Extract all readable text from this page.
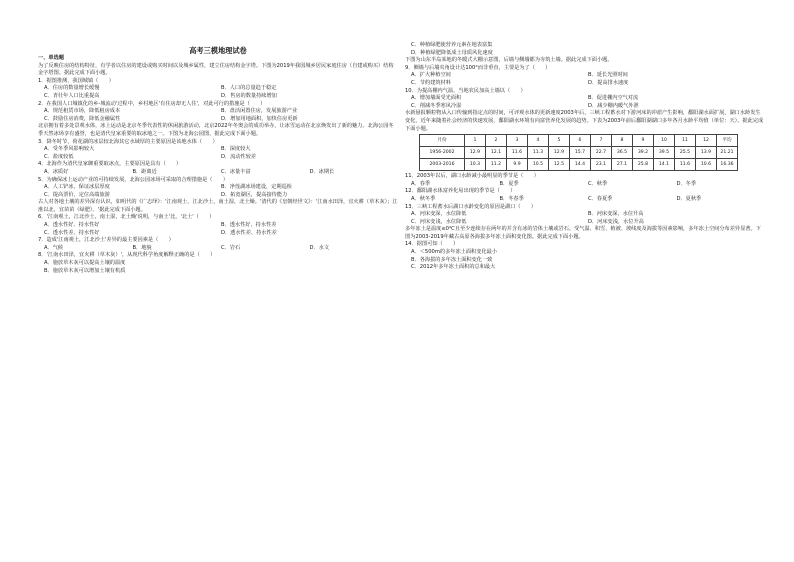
高考三模地理试卷

一、单选题

为了反映住房的结构特征，有学者以住房的建设或购买时间以及城乡属性，建立住房结构金字塔。下图为2019年我国城乡居民家庭住房（自建或购买）结构金字塔图。据此完成下面小题。

1．据图推测，我国城镇（　　）

A．住房的数量增长缓慢	B．人口的总量趋于稳定
C．青壮年人口比重提高	D．售房的数量持续增加

2．在我国人口城镇化的乡-城流动'过程中，乡村地区'有住房却无人住'，对此可行的措施是（　　）

A．规范租赁市场，降低租房成本	B．盘活闲置住房，发展旅游产业
C．鼓励住房消费，降低金融属性	D．增加用地面积，加快住房更新

北京拥有着多处景观水体，冰上运动是北京冬季代表性的休闲旅游活动，北京2022年冬奥会的成功举办，让冰雪运动在北京焕发出了新的魅力。北海公园冬季天然冰场享有盛誉，也是清代皇家重要的取冰地之一。下图为北海公园图，据此完成下面小题。

3．降冬时节，荷花湖的冰层较北海其它水域厚的主要原因是该地水体（　　）

A．受冬季风影响较大	B．深度较大
C．盐度较低	D．流动性较差

4．北海作为清代皇家御重要取冰点，主要原因是具有（　　）

A．冰质好	B．距离近	C．冰量丰富	D．冰期长

5．为确保冰上运动产业的可持续发展，北海公园冰场可采取的合理措施是（　　）

A．人工铲冰，保证冰层厚度	B．净莲湖冰场建设，定期巡检
C．提高票价，定位高端旅游	D．拓宽湖区，提高接待能力

古人对各地土壤的差异深有认识，如明代的《广志绎》：'江南观土，江北沙土，南土湿，北土燥。'清代的《皇朝经世文》：'江南水田泽，宜火耕（草木灰）；江淮以北，宜苗苗（绿肥）。'据此完成下面小题。

6．'江南观土，江北沙土，南土湿，北土燥'说明，与南土'比，'北土'（　　）

A．透水性好、持水性好	B．透水性好、持水性差
C．透水性差、持水性好	D．透水性差、持水性差

7．造成'江南观土，江北沙土'差异的最主要因素是（　　）

A．气候	B．地貌	C．岩石	D．水文

8．'江南水田泽，宜火耕（草木灰）'，从现代科学角度解释正确的是（　　）

A．施放草木灰可以提高土壤的温度

B．施放草木灰可以增加土壤有机质

C．种植绿肥使营养元素在地表富集

D．种植绿肥降低成土母质风化速度

下图为山东半岛某地的冬暖式大棚示意图，后墙与侧墙都为夯筑土墙。据此完成下面小题。

9．侧墙与后墙夹角设计达100°而非垂直，主要是为了（　　）

A．扩大种植空间	B．延长光照时间
C．节约建筑材料	D．提高排水速度

10．为提高棚内气温，当地农民加高土墙以（　　）

A．增加墙面受光面积	B．促进棚内空气对流
C．削减冬季寒风冷湿	D．减少棚内暖气外泄

水新悬报颗粒物从入口传输到指定点的时间，可评观水体的更新速度2003年后，三峡工程蓄水对下游河床的冲淤产生影响，鄱阳湖水面扩展，湖口水龄发生变化，近年来随着社会经济的快速发展，鄱阳湖水环境有向富营养化发展的趋势。下表为2003年前后鄱阳湖湖口多年各月水龄平均值（单位：天）。据此完成下面小题。

月份	1	2	3	4	5	6	7	8	9	10	11	12	平均
1956-2002	12.9	12.1	11.6	11.3	12.9	15.7	22.7	36.5	39.2	39.5	25.5	13.9	21.21
2003-2016	10.3	11.2	9.9	10.5	12.5	14.4	23.1	27.1	25.8	14.1	11.6	10.6	16.36

11．2003年以后，湖口水龄减小最明显的季节是（　　）

A．春季	B．夏季	C．秋季	D．冬季

12．鄱阳湖水体富养化易出现的季节是（　　）

A．秋冬季	B．冬春季	C．春夏季	D．夏秋季

13．三峡工程蓄水后湖口水龄变化的原因是湖口（　　）

A．河床变深，水位降低	B．河床变深，水位升高
C．河床变浅，水位降低	D．河床变浅，水位升高

多年冻土是温度≤0℃且至少连续存在两年的并含有冰的岩体土壤或岩石。受气温、积雪、植被、坡线度及海拔等因素影响，多年冻土空间分布差异显著。下图为2003-2019年藏古高原各海拔多年冻土面积变化图。据此完成下面小题。

14．据图可知（　　）

A．＜500m的多年冻土面积变化最小

B．各海拔的多年冻土面积变化一致

C．2012年多年冻土面积的总和最大
